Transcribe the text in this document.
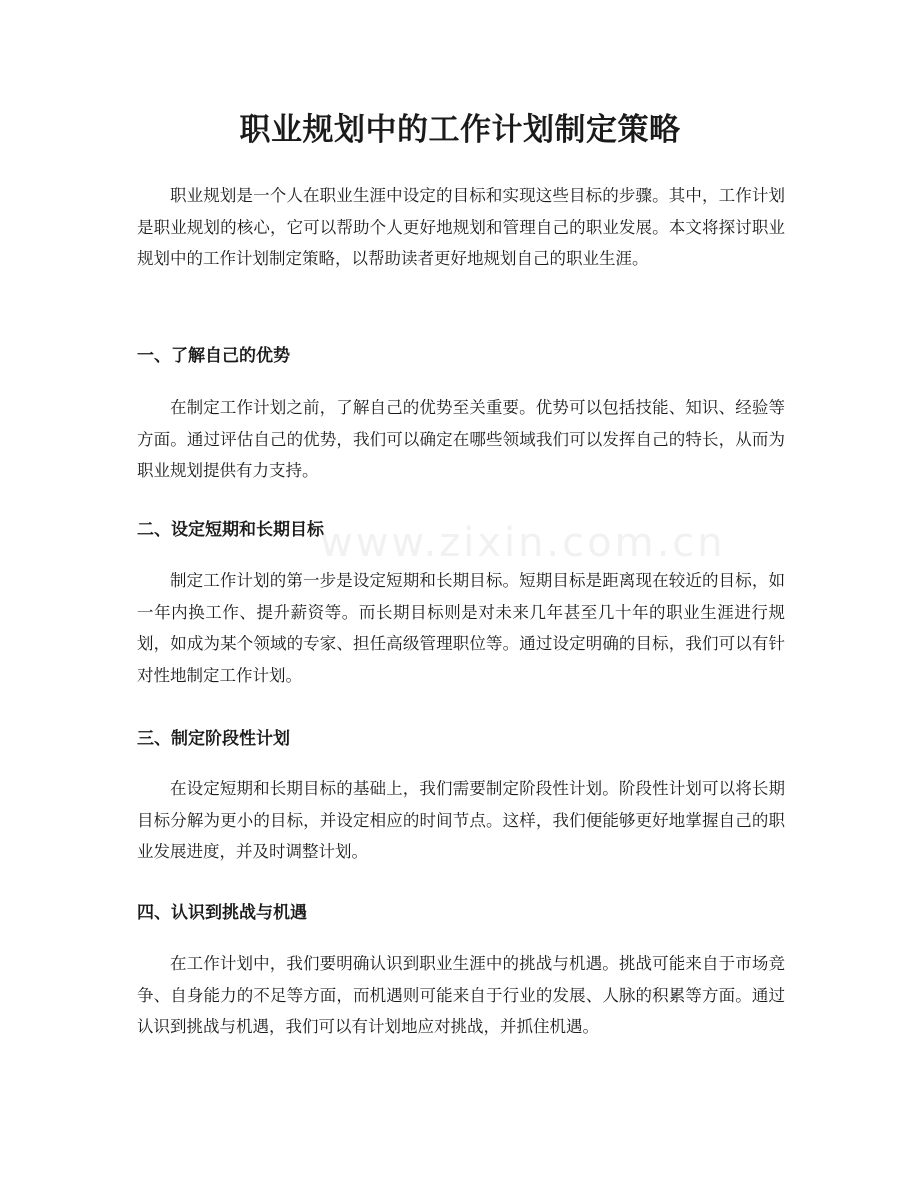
职业规划中的工作计划制定策略

职业规划是一个人在职业生涯中设定的目标和实现这些目标的步骤。其中，工作计划是职业规划的核心，它可以帮助个人更好地规划和管理自己的职业发展。本文将探讨职业规划中的工作计划制定策略，以帮助读者更好地规划自己的职业生涯。

一、了解自己的优势

在制定工作计划之前，了解自己的优势至关重要。优势可以包括技能、知识、经验等方面。通过评估自己的优势，我们可以确定在哪些领域我们可以发挥自己的特长，从而为职业规划提供有力支持。

二、设定短期和长期目标

制定工作计划的第一步是设定短期和长期目标。短期目标是距离现在较近的目标，如一年内换工作、提升薪资等。而长期目标则是对未来几年甚至几十年的职业生涯进行规划，如成为某个领域的专家、担任高级管理职位等。通过设定明确的目标，我们可以有针对性地制定工作计划。

三、制定阶段性计划

在设定短期和长期目标的基础上，我们需要制定阶段性计划。阶段性计划可以将长期目标分解为更小的目标，并设定相应的时间节点。这样，我们便能够更好地掌握自己的职业发展进度，并及时调整计划。

四、认识到挑战与机遇

在工作计划中，我们要明确认识到职业生涯中的挑战与机遇。挑战可能来自于市场竞争、自身能力的不足等方面，而机遇则可能来自于行业的发展、人脉的积累等方面。通过认识到挑战与机遇，我们可以有计划地应对挑战，并抓住机遇。

www.zixin.com.cn
